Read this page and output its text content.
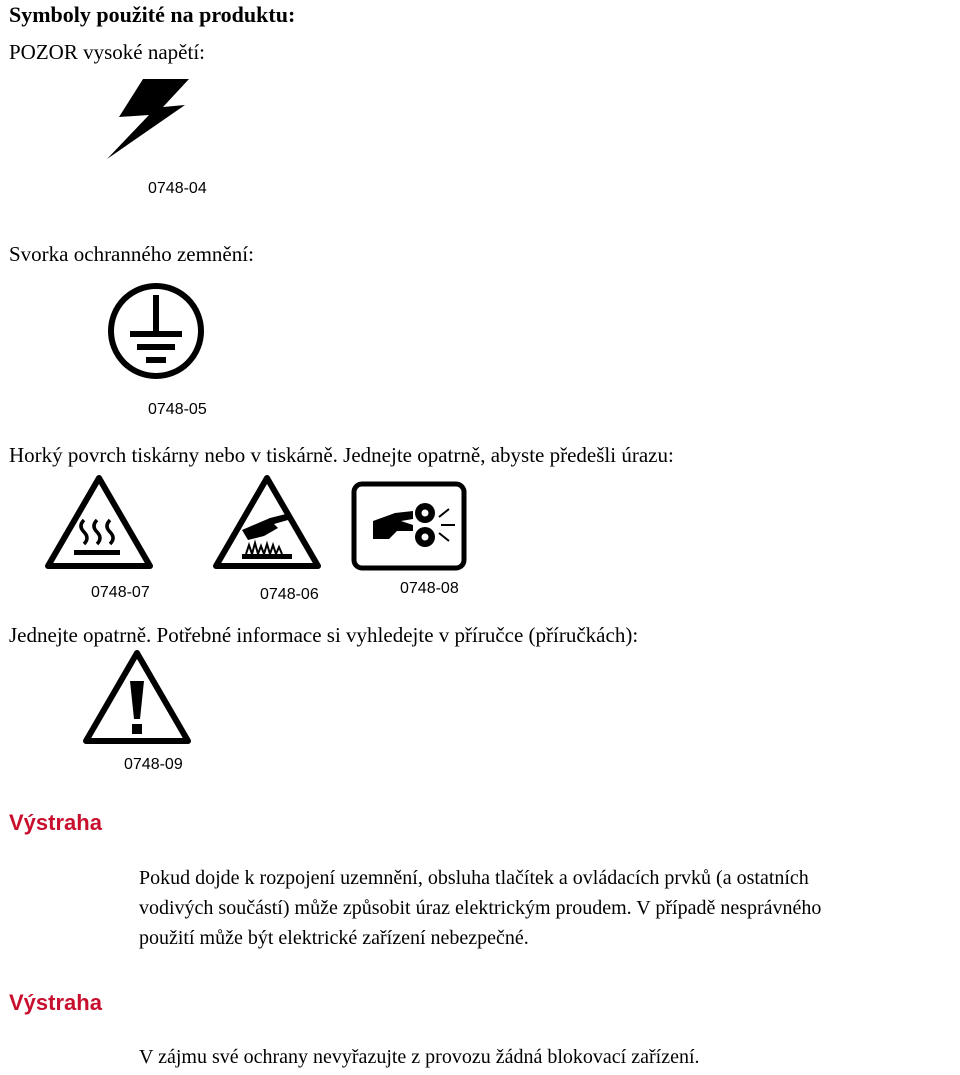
Symboly použité na produktu:
POZOR vysoké napětí:
0748-04
Svorka ochranného zemnění:
0748-05
Horký povrch tiskárny nebo v tiskárně. Jednejte opatrně, abyste předešli úrazu:
0748-07	0748-06	0748-08
Jednejte opatrně. Potřebné informace si vyhledejte v příručce (příručkách):
0748-09
Výstraha
Pokud dojde k rozpojení uzemnění, obsluha tlačítek a ovládacích prvků (a ostatních
vodivých součástí) může způsobit úraz elektrickým proudem. V případě nesprávného
použití může být elektrické zařízení nebezpečné.
Výstraha
V zájmu své ochrany nevyřazujte z provozu žádná blokovací zařízení.
